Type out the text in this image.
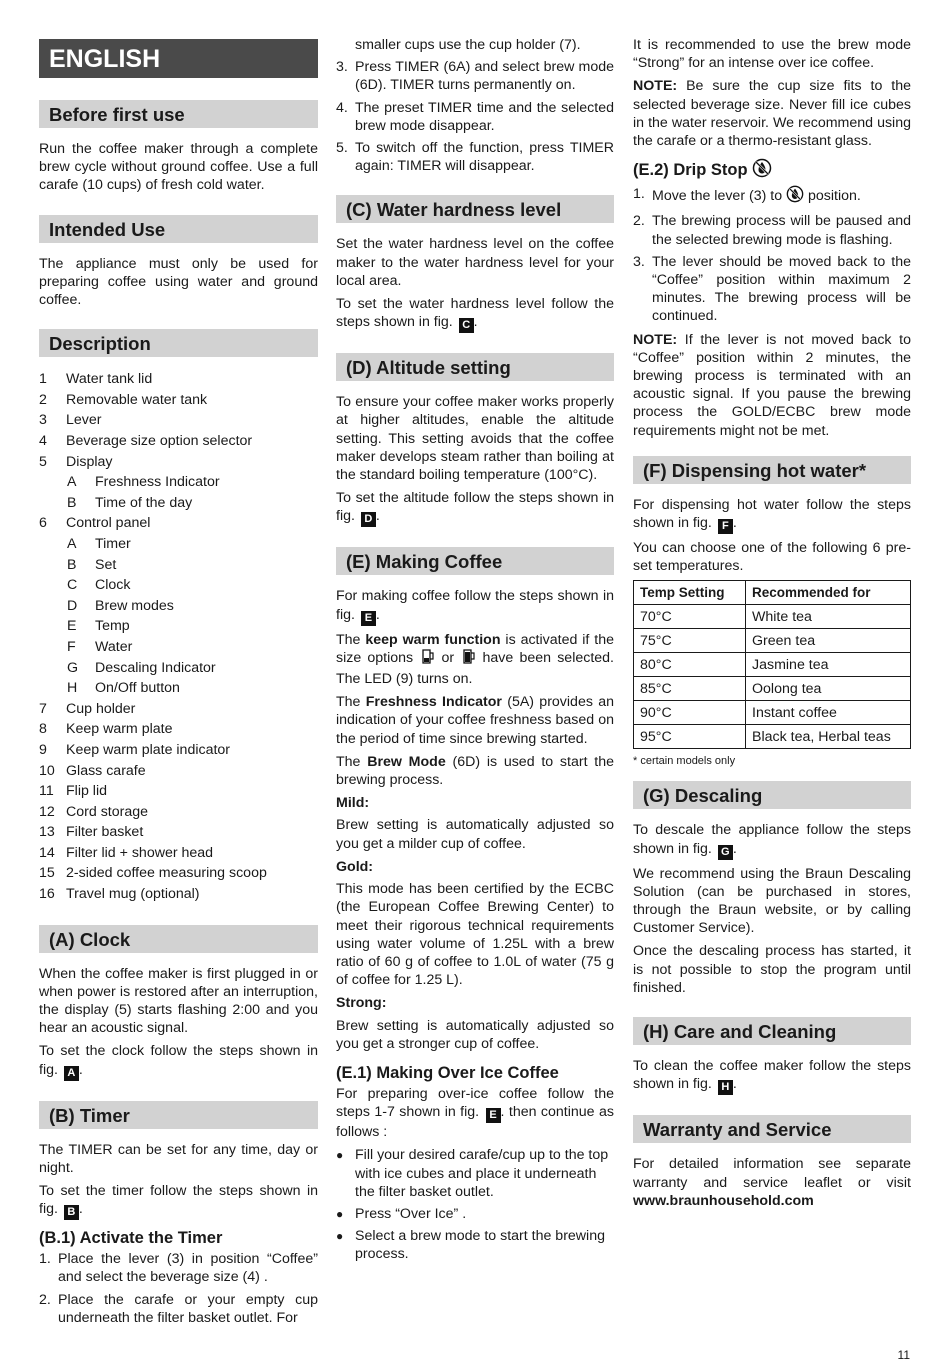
ENGLISH
Before first use

Run the coffee maker through a complete brew cycle without ground coffee. Use a full carafe (10 cups) of fresh cold water.

Intended Use

The appliance must only be used for preparing coffee using water and ground coffee.

Description
1	Water tank lid
2	Removable water tank
3	Lever
4	Beverage size option selector
5	Display
A	Freshness Indicator
B	Time of the day
6	Control panel
A	Timer
B	Set
C	Clock
D	Brew modes
E	Temp
F	Water
G	Descaling Indicator
H	On/Off button
7	Cup holder
8	Keep warm plate
9	Keep warm plate indicator
10 Glass carafe
11 Flip lid
12 Cord storage
13 Filter basket
14 Filter lid + shower head
15 2-sided coffee measuring scoop
16 Travel mug (optional)
(A) Clock

When the coffee maker is first plugged in or when power is restored after an interruption, the display (5) starts flashing 2:00 and you hear an acoustic signal.

To set the clock follow the steps shown in fig. A .

(B) Timer

The TIMER can be set for any time, day or night.

To set the timer follow the steps shown in fig. B .

(B.1) Activate the Timer
1. Place the lever (3) in position “Coffee” and select the beverage size (4) .
2. Place the carafe or your empty cup underneath the filter basket outlet. For

smaller cups use the cup holder (7).

3. Press TIMER (6A) and select brew mode (6D). TIMER turns permanently on.
4. The preset TIMER time and the selected brew mode disappear.
5. To switch off the function, press TIMER again: TIMER will disappear.
(C) Water hardness level

Set the water hardness level on the coffee maker to the water hardness level for your local area.

To set the water hardness level follow the steps shown in fig. C .

(D) Altitude setting

To ensure your coffee maker works properly at higher altitudes, enable the altitude setting. This setting avoids that the coffee maker develops steam rather than boiling at the standard boiling temperature (100°C).

To set the altitude follow the steps shown in fig. D .

(E) Making Coffee

For making coffee follow the steps shown in fig. E .

The keep warm function is activated if the size options or have been selected. The LED (9) turns on.

The Freshness Indicator (5A) provides an indication of your coffee freshness based on the period of time since brewing started.

The Brew Mode (6D) is used to start the brewing process.

Mild:

Brew setting is automatically adjusted so you get a milder cup of coffee.

Gold:

This mode has been certified by the ECBC (the European Coffee Brewing Center) to meet their rigorous technical requirements using water volume of 1.25L with a brew ratio of 60 g of coffee to 1.0L of water (75 g of coffee for 1.25 L).

Strong:

Brew setting is automatically adjusted so you get a stronger cup of coffee.

(E.1) Making Over Ice Coffee

For preparing over-ice coffee follow the steps 1-7 shown in fig. E . then continue as follows :

● Fill your desired carafe/cup up to the top with ice cubes and place it underneath the filter basket outlet.
● Press “Over Ice” .
● Select a brew mode to start the brewing process.

It is recommended to use the brew mode “Strong” for an intense over ice coffee.

NOTE: Be sure the cup size fits to the selected beverage size. Never fill ice cubes in the water reservoir. We recommend using the carafe or a thermo-resistant glass.

(E.2) Drip Stop
1. Move the lever (3) to position.
2. The brewing process will be paused and the selected brewing mode is flashing.
3. The lever should be moved back to the “Coffee” position within maximum 2 minutes. The brewing process will be continued.

NOTE: If the lever is not moved back to “Coffee” position within 2 minutes, the brewing process is terminated with an acoustic signal. If you pause the brewing process the GOLD/ECBC brew mode requirements might not be met.

(F) Dispensing hot water*

For dispensing hot water follow the steps shown in fig. F .

You can choose one of the following 6 pre-set temperatures.

Temp Setting	Recommended for
70°C	White tea
75°C	Green tea
80°C	Jasmine tea
85°C	Oolong tea
90°C	Instant coffee
95°C	Black tea, Herbal teas
* certain models only
(G) Descaling

To descale the appliance follow the steps shown in fig. G .

We recommend using the Braun Descaling Solution (can be purchased in stores, through the Braun website, or by calling Customer Service).

Once the descaling process has started, it is not possible to stop the program until finished.

(H) Care and Cleaning

To clean the coffee maker follow the steps shown in fig. H .

Warranty and Service

For detailed information see separate warranty and service leaflet or visit www.braunhousehold.com

11
